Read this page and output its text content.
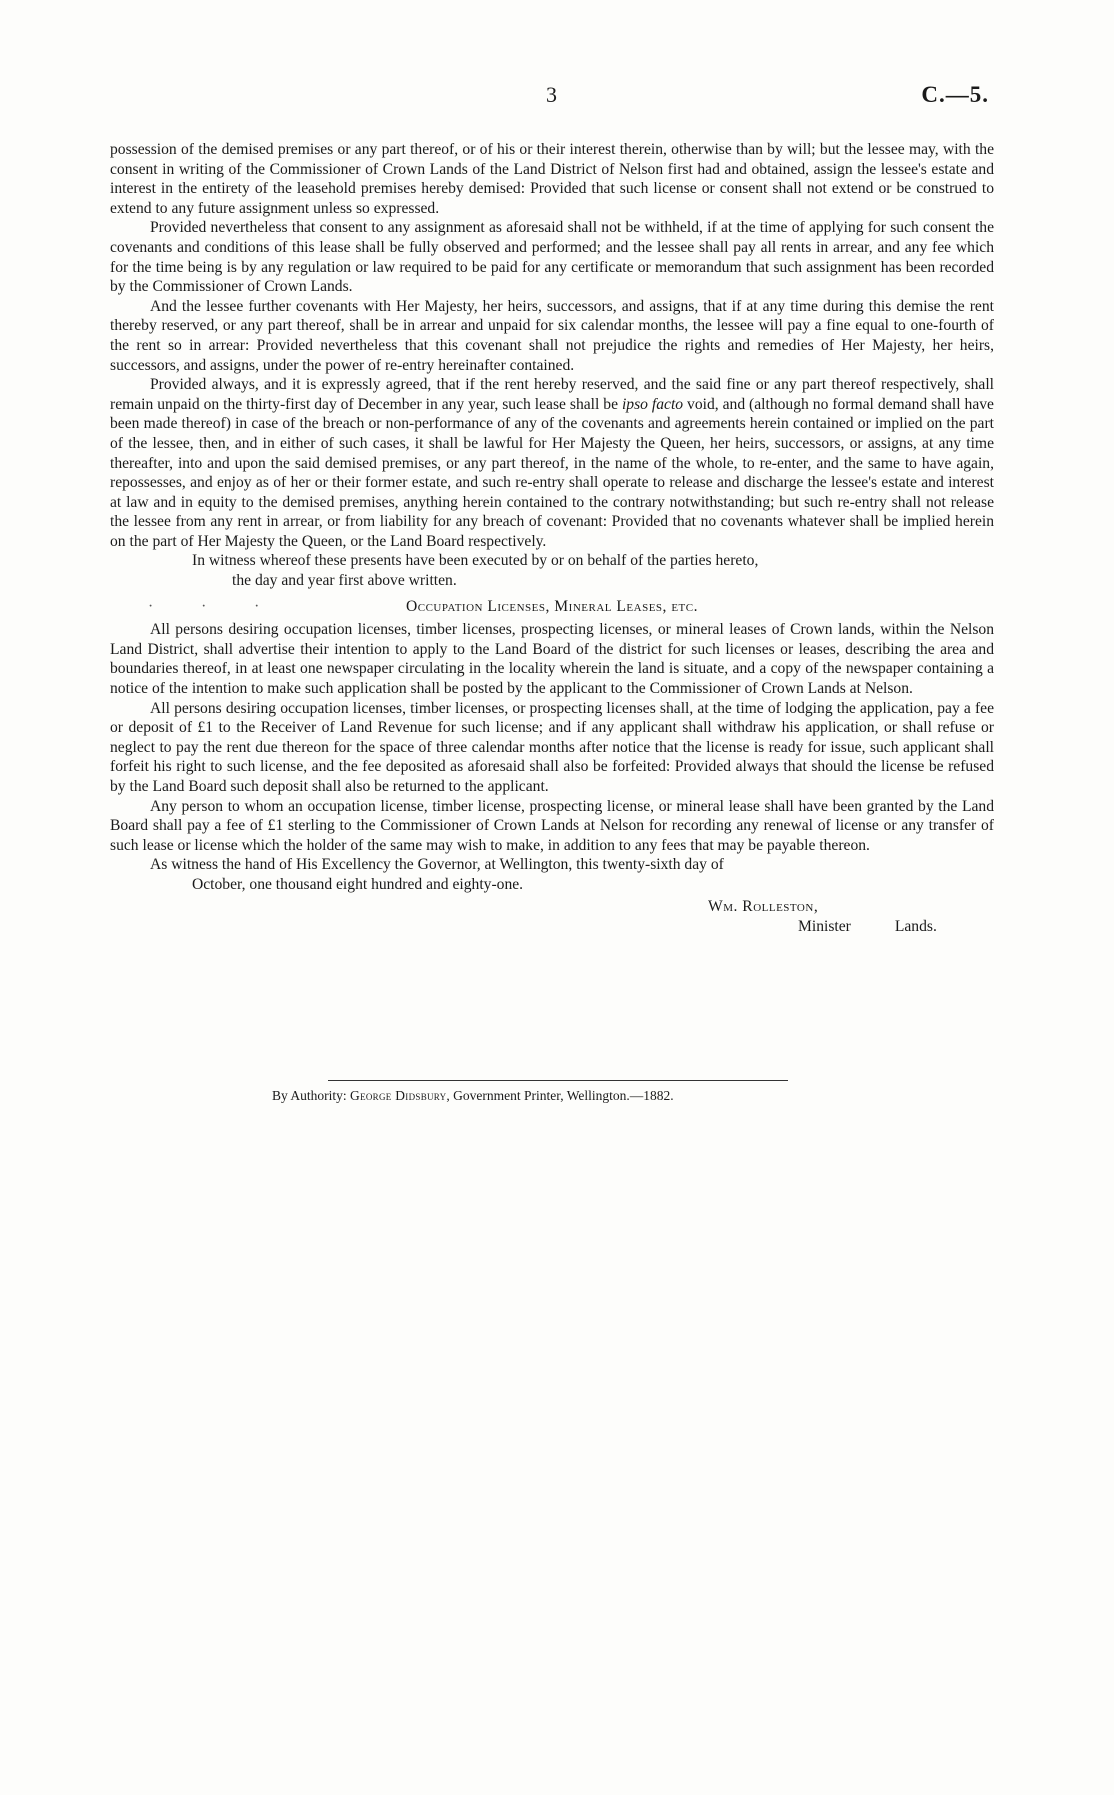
3	C.—5.

possession of the demised premises or any part thereof, or of his or their interest therein, otherwise than by will; but the lessee may, with the consent in writing of the Commissioner of Crown Lands of the Land District of Nelson first had and obtained, assign the lessee's estate and interest in the entirety of the leasehold premises hereby demised: Provided that such license or consent shall not extend or be construed to extend to any future assignment unless so expressed.

Provided nevertheless that consent to any assignment as aforesaid shall not be withheld, if at the time of applying for such consent the covenants and conditions of this lease shall be fully observed and performed; and the lessee shall pay all rents in arrear, and any fee which for the time being is by any regulation or law required to be paid for any certificate or memorandum that such assignment has been recorded by the Commissioner of Crown Lands.

And the lessee further covenants with Her Majesty, her heirs, successors, and assigns, that if at any time during this demise the rent thereby reserved, or any part thereof, shall be in arrear and unpaid for six calendar months, the lessee will pay a fine equal to one-fourth of the rent so in arrear: Provided nevertheless that this covenant shall not prejudice the rights and remedies of Her Majesty, her heirs, successors, and assigns, under the power of re-entry hereinafter contained.

Provided always, and it is expressly agreed, that if the rent hereby reserved, and the said fine or any part thereof respectively, shall remain unpaid on the thirty-first day of December in any year, such lease shall be ipso facto void, and (although no formal demand shall have been made thereof) in case of the breach or non-performance of any of the covenants and agreements herein contained or implied on the part of the lessee, then, and in either of such cases, it shall be lawful for Her Majesty the Queen, her heirs, successors, or assigns, at any time thereafter, into and upon the said demised premises, or any part thereof, in the name of the whole, to re-enter, and the same to have again, repossesses, and enjoy as of her or their former estate, and such re-entry shall operate to release and discharge the lessee's estate and interest at law and in equity to the demised premises, anything herein contained to the contrary notwithstanding; but such re-entry shall not release the lessee from any rent in arrear, or from liability for any breach of covenant: Provided that no covenants whatever shall be implied herein on the part of Her Majesty the Queen, or the Land Board respectively.

In witness whereof these presents have been executed by or on behalf of the parties hereto,
the day and year first above written.

· · ·	Occupation Licenses, Mineral Leases, etc.

All persons desiring occupation licenses, timber licenses, prospecting licenses, or mineral leases of Crown lands, within the Nelson Land District, shall advertise their intention to apply to the Land Board of the district for such licenses or leases, describing the area and boundaries thereof, in at least one newspaper circulating in the locality wherein the land is situate, and a copy of the newspaper containing a notice of the intention to make such application shall be posted by the applicant to the Commissioner of Crown Lands at Nelson.

All persons desiring occupation licenses, timber licenses, or prospecting licenses shall, at the time of lodging the application, pay a fee or deposit of £1 to the Receiver of Land Revenue for such license; and if any applicant shall withdraw his application, or shall refuse or neglect to pay the rent due thereon for the space of three calendar months after notice that the license is ready for issue, such applicant shall forfeit his right to such license, and the fee deposited as aforesaid shall also be forfeited: Provided always that should the license be refused by the Land Board such deposit shall also be returned to the applicant.

Any person to whom an occupation license, timber license, prospecting license, or mineral lease shall have been granted by the Land Board shall pay a fee of £1 sterling to the Commissioner of Crown Lands at Nelson for recording any renewal of license or any transfer of such lease or license which the holder of the same may wish to make, in addition to any fees that may be payable thereon.

As witness the hand of His Excellency the Governor, at Wellington, this twenty-sixth day of
October, one thousand eight hundred and eighty-one.

Wm. Rolleston,
Minister	Lands.
By Authority: George Didsbury, Government Printer, Wellington.—1882.
